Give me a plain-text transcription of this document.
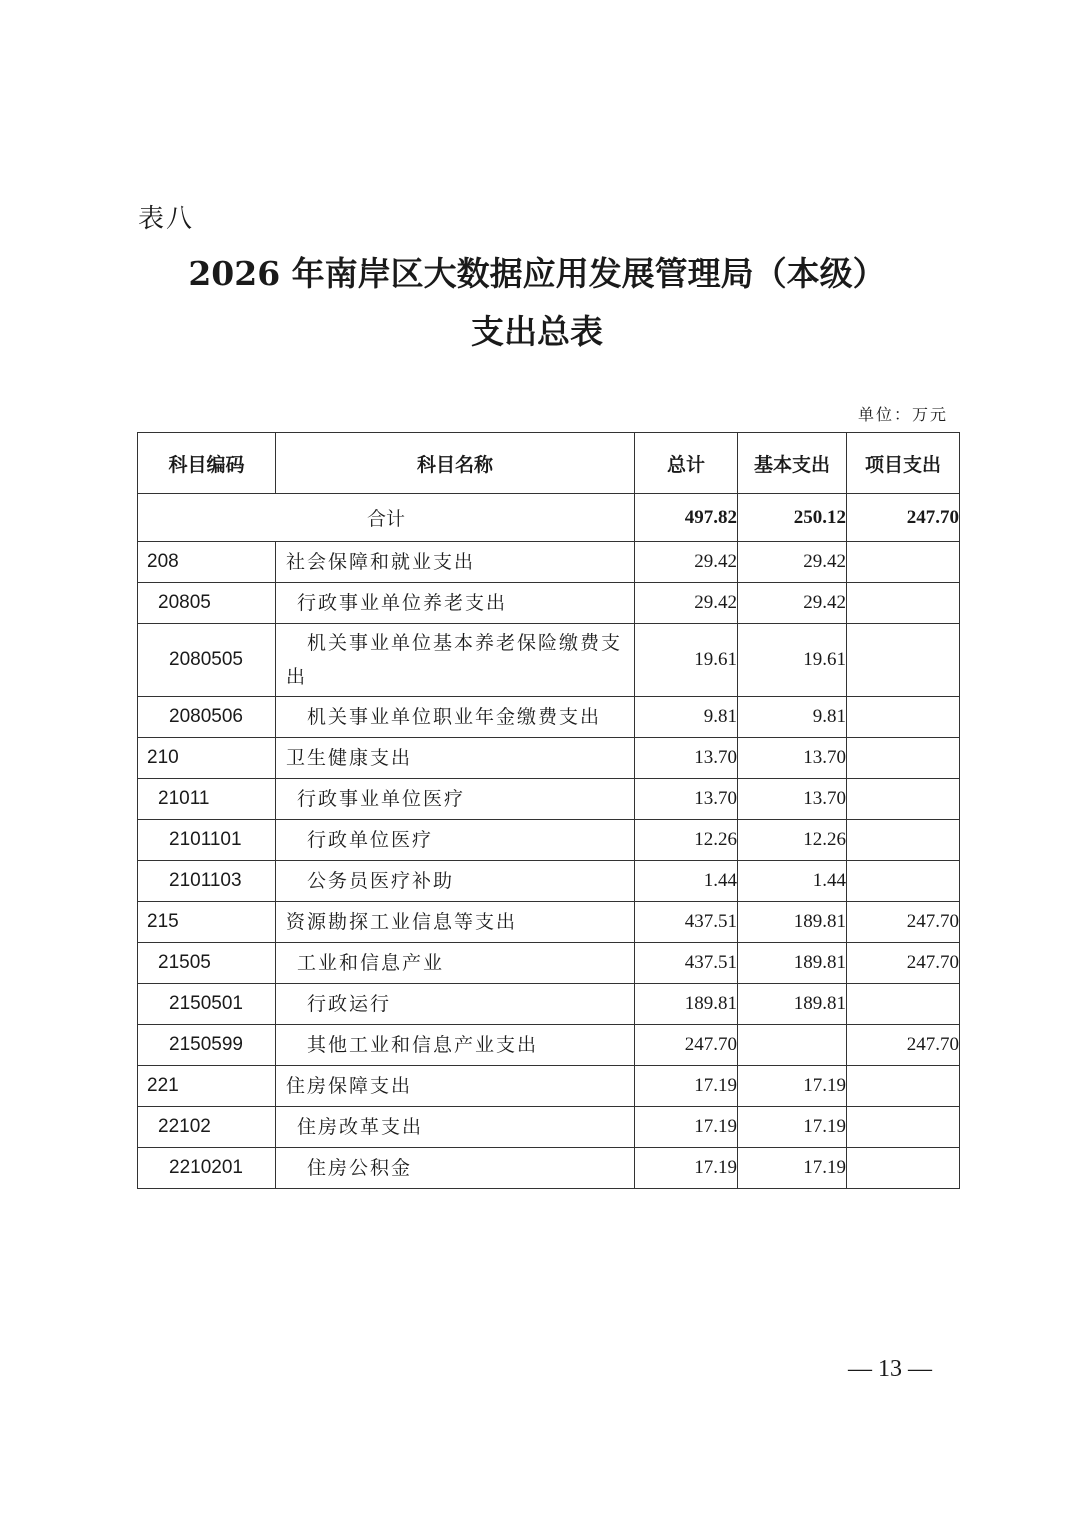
表八
2026 年南岸区大数据应用发展管理局（本级）
支出总表
单位：万元
科目编码	科目名称	总计	基本支出	项目支出
合计		497.82	250.12	247.70
208	社会保障和就业支出	29.42	29.42	
20805	行政事业单位养老支出	29.42	29.42	
2080505	机关事业单位基本养老保险缴费支出	19.61	19.61	
2080506	机关事业单位职业年金缴费支出	9.81	9.81	
210	卫生健康支出	13.70	13.70	
21011	行政事业单位医疗	13.70	13.70	
2101101	行政单位医疗	12.26	12.26	
2101103	公务员医疗补助	1.44	1.44	
215	资源勘探工业信息等支出	437.51	189.81	247.70
21505	工业和信息产业	437.51	189.81	247.70
2150501	行政运行	189.81	189.81	
2150599	其他工业和信息产业支出	247.70		247.70
221	住房保障支出	17.19	17.19	
22102	住房改革支出	17.19	17.19	
2210201	住房公积金	17.19	17.19	
— 13 —
